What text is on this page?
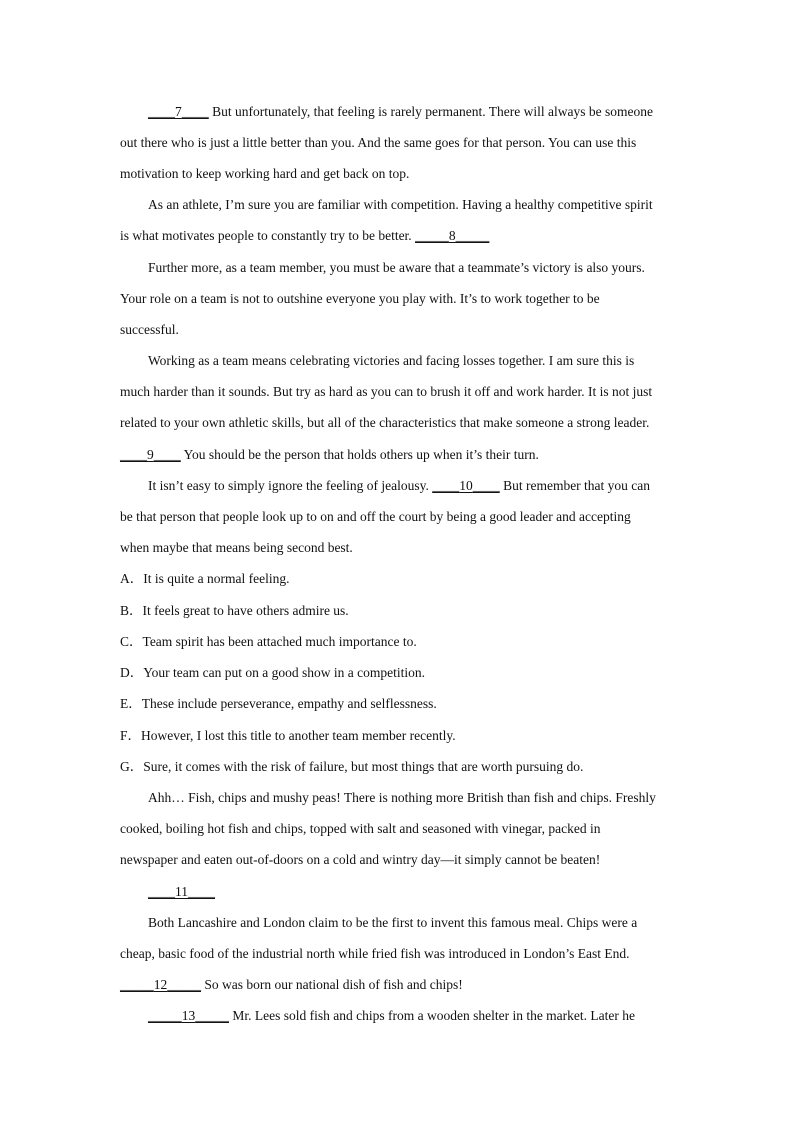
____7____ But unfortunately, that feeling is rarely permanent. There will always be someone
out there who is just a little better than you. And the same goes for that person. You can use this
motivation to keep working hard and get back on top.
As an athlete, I’m sure you are familiar with competition. Having a healthy competitive spirit
is what motivates people to constantly try to be better. _____8_____
Further more, as a team member, you must be aware that a teammate’s victory is also yours.
Your role on a team is not to outshine everyone you play with. It’s to work together to be
successful.
Working as a team means celebrating victories and facing losses together. I am sure this is
much harder than it sounds. But try as hard as you can to brush it off and work harder. It is not just
related to your own athletic skills, but all of the characteristics that make someone a strong leader.
____9____ You should be the person that holds others up when it’s their turn.
It isn’t easy to simply ignore the feeling of jealousy. ____10____ But remember that you can
be that person that people look up to on and off the court by being a good leader and accepting
when maybe that means being second best.
A．It is quite a normal feeling.
B．It feels great to have others admire us.
C．Team spirit has been attached much importance to.
D．Your team can put on a good show in a competition.
E．These include perseverance, empathy and selflessness.
F．However, I lost this title to another team member recently.
G．Sure, it comes with the risk of failure, but most things that are worth pursuing do.
Ahh… Fish, chips and mushy peas! There is nothing more British than fish and chips. Freshly
cooked, boiling hot fish and chips, topped with salt and seasoned with vinegar, packed in
newspaper and eaten out-of-doors on a cold and wintry day—it simply cannot be beaten!
____11____
Both Lancashire and London claim to be the first to invent this famous meal. Chips were a
cheap, basic food of the industrial north while fried fish was introduced in London’s East End.
_____12_____ So was born our national dish of fish and chips!
_____13_____ Mr. Lees sold fish and chips from a wooden shelter in the market. Later he
